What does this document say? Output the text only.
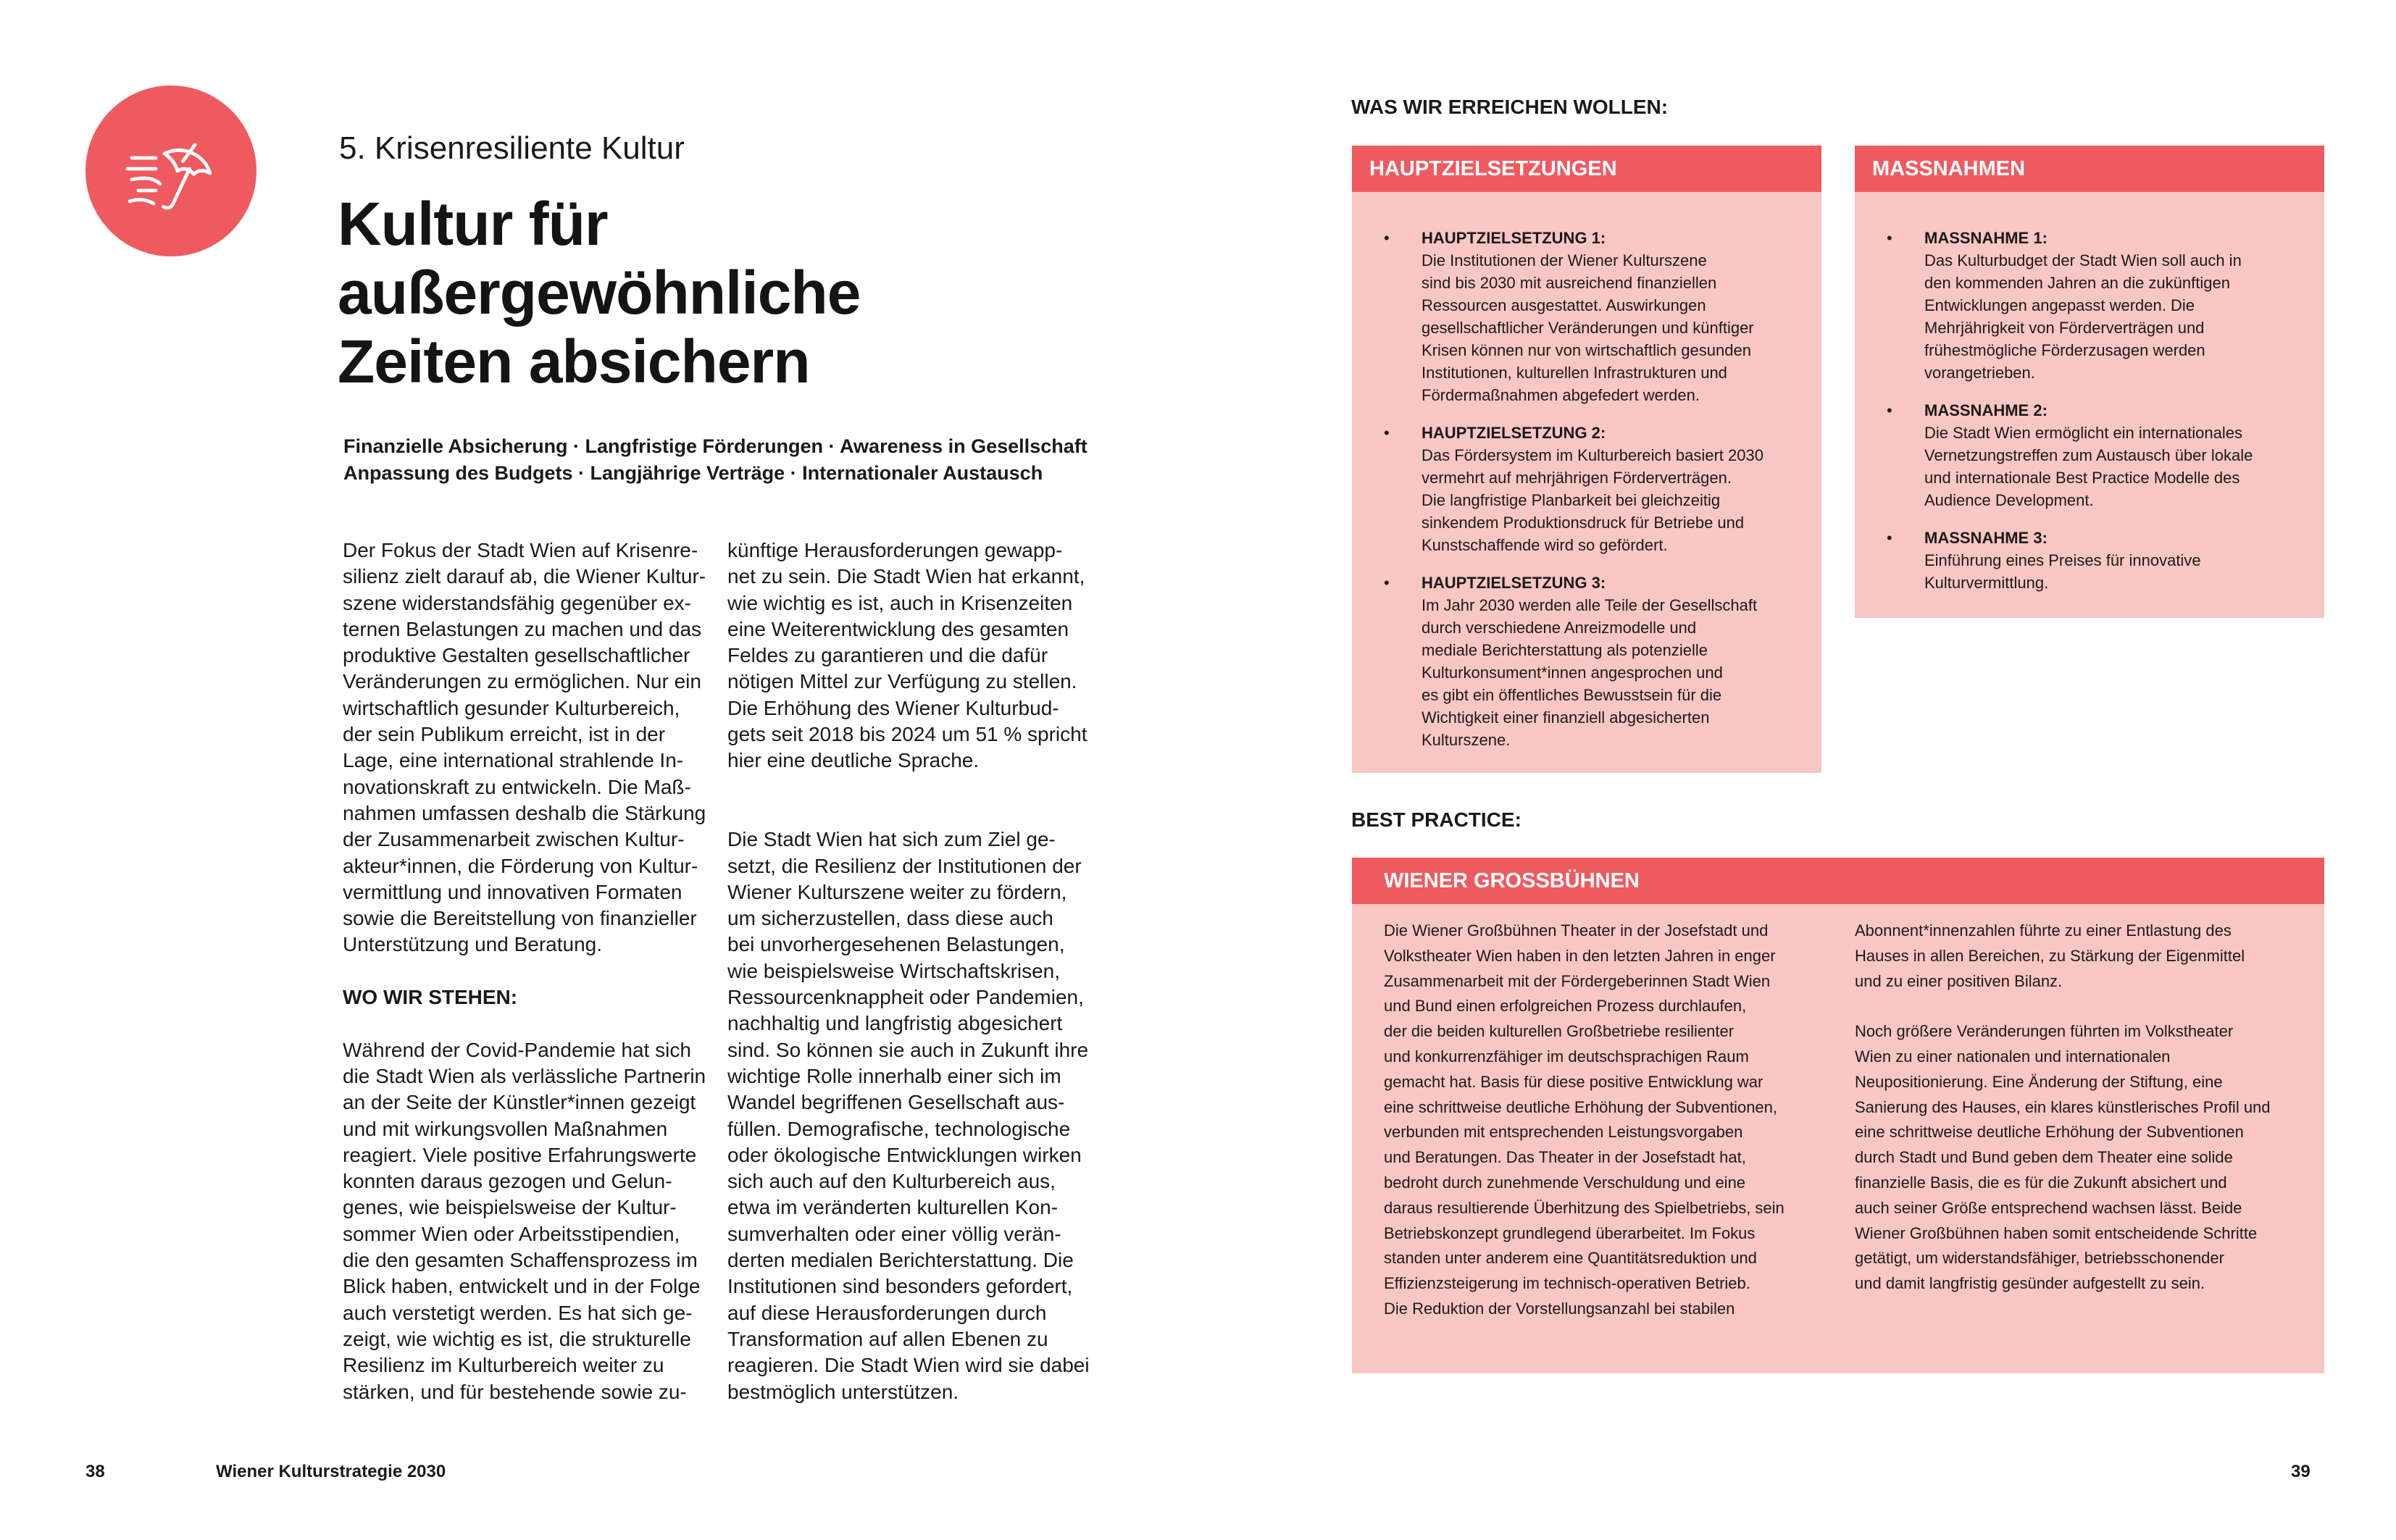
5. Krisenresiliente Kultur
Kultur für
außergewöhnliche
Zeiten absichern
Finanzielle Absicherung · Langfristige Förderungen · Awareness in Gesellschaft
Anpassung des Budgets · Langjährige Verträge · Internationaler Austausch

Der Fokus der Stadt Wien auf Krisenre-

silienz zielt darauf ab, die Wiener Kultur-

szene widerstandsfähig gegenüber ex-

ternen Belastungen zu machen und das

produktive Gestalten gesellschaftlicher

Veränderungen zu ermöglichen. Nur ein

wirtschaftlich gesunder Kulturbereich,

der sein Publikum erreicht, ist in der

Lage, eine international strahlende In-

novationskraft zu entwickeln. Die Maß-

nahmen umfassen deshalb die Stärkung

der Zusammenarbeit zwischen Kultur-

akteur*innen, die Förderung von Kultur-

vermittlung und innovativen Formaten

sowie die Bereitstellung von finanzieller

Unterstützung und Beratung.

WO WIR STEHEN:

Während der Covid-Pandemie hat sich

die Stadt Wien als verlässliche Partnerin

an der Seite der Künstler*innen gezeigt

und mit wirkungsvollen Maßnahmen

reagiert. Viele positive Erfahrungswerte

konnten daraus gezogen und Gelun-

genes, wie beispielsweise der Kultur-

sommer Wien oder Arbeitsstipendien,

die den gesamten Schaffensprozess im

Blick haben, entwickelt und in der Folge

auch verstetigt werden. Es hat sich ge-

zeigt, wie wichtig es ist, die strukturelle

Resilienz im Kulturbereich weiter zu

stärken, und für bestehende sowie zu-

künftige Herausforderungen gewapp-

net zu sein. Die Stadt Wien hat erkannt,

wie wichtig es ist, auch in Krisenzeiten

eine Weiterentwicklung des gesamten

Feldes zu garantieren und die dafür

nötigen Mittel zur Verfügung zu stellen.

Die Erhöhung des Wiener Kulturbud-

gets seit 2018 bis 2024 um 51 % spricht

hier eine deutliche Sprache.

Die Stadt Wien hat sich zum Ziel ge-

setzt, die Resilienz der Institutionen der

Wiener Kulturszene weiter zu fördern,

um sicherzustellen, dass diese auch

bei unvorhergesehenen Belastungen,

wie beispielsweise Wirtschaftskrisen,

Ressourcenknappheit oder Pandemien,

nachhaltig und langfristig abgesichert

sind. So können sie auch in Zukunft ihre

wichtige Rolle innerhalb einer sich im

Wandel begriffenen Gesellschaft aus-

füllen. Demografische, technologische

oder ökologische Entwicklungen wirken

sich auch auf den Kulturbereich aus,

etwa im veränderten kulturellen Kon-

sumverhalten oder einer völlig verän-

derten medialen Berichterstattung. Die

Institutionen sind besonders gefordert,

auf diese Herausforderungen durch

Transformation auf allen Ebenen zu

reagieren. Die Stadt Wien wird sie dabei

bestmöglich unterstützen.

38	Wiener Kulturstrategie 2030	39
WAS WIR ERREICHEN WOLLEN:
HAUPTZIELSETZUNGEN
• HAUPTZIELSETZUNG 1:
Die Institutionen der Wiener Kulturszene
sind bis 2030 mit ausreichend finanziellen
Ressourcen ausgestattet. Auswirkungen
gesellschaftlicher Veränderungen und künftiger
Krisen können nur von wirtschaftlich gesunden
Institutionen, kulturellen Infrastrukturen und
Fördermaßnahmen abgefedert werden.
• HAUPTZIELSETZUNG 2:
Das Fördersystem im Kulturbereich basiert 2030
vermehrt auf mehrjährigen Förderverträgen.
Die langfristige Planbarkeit bei gleichzeitig
sinkendem Produktionsdruck für Betriebe und
Kunstschaffende wird so gefördert.
• HAUPTZIELSETZUNG 3:
Im Jahr 2030 werden alle Teile der Gesellschaft
durch verschiedene Anreizmodelle und
mediale Berichterstattung als potenzielle
Kulturkonsument*innen angesprochen und
es gibt ein öffentliches Bewusstsein für die
Wichtigkeit einer finanziell abgesicherten
Kulturszene.
MASSNAHMEN
• MASSNAHME 1:
Das Kulturbudget der Stadt Wien soll auch in
den kommenden Jahren an die zukünftigen
Entwicklungen angepasst werden. Die
Mehrjährigkeit von Förderverträgen und
frühestmögliche Förderzusagen werden
vorangetrieben.
• MASSNAHME 2:
Die Stadt Wien ermöglicht ein internationales
Vernetzungstreffen zum Austausch über lokale
und internationale Best Practice Modelle des
Audience Development.
• MASSNAHME 3:
Einführung eines Preises für innovative
Kulturvermittlung.
BEST PRACTICE:
WIENER GROSSBÜHNEN

Die Wiener Großbühnen Theater in der Josefstadt und

Volkstheater Wien haben in den letzten Jahren in enger

Zusammenarbeit mit der Fördergeberinnen Stadt Wien

und Bund einen erfolgreichen Prozess durchlaufen,

der die beiden kulturellen Großbetriebe resilienter

und konkurrenzfähiger im deutschsprachigen Raum

gemacht hat. Basis für diese positive Entwicklung war

eine schrittweise deutliche Erhöhung der Subventionen,

verbunden mit entsprechenden Leistungsvorgaben

und Beratungen. Das Theater in der Josefstadt hat,

bedroht durch zunehmende Verschuldung und eine

daraus resultierende Überhitzung des Spielbetriebs, sein

Betriebskonzept grundlegend überarbeitet. Im Fokus

standen unter anderem eine Quantitätsreduktion und

Effizienzsteigerung im technisch-operativen Betrieb.

Die Reduktion der Vorstellungsanzahl bei stabilen

Abonnent*innenzahlen führte zu einer Entlastung des

Hauses in allen Bereichen, zu Stärkung der Eigenmittel

und zu einer positiven Bilanz.

Noch größere Veränderungen führten im Volkstheater

Wien zu einer nationalen und internationalen

Neupositionierung. Eine Änderung der Stiftung, eine

Sanierung des Hauses, ein klares künstlerisches Profil und

eine schrittweise deutliche Erhöhung der Subventionen

durch Stadt und Bund geben dem Theater eine solide

finanzielle Basis, die es für die Zukunft absichert und

auch seiner Größe entsprechend wachsen lässt. Beide

Wiener Großbühnen haben somit entscheidende Schritte

getätigt, um widerstandsfähiger, betriebsschonender

und damit langfristig gesünder aufgestellt zu sein.
